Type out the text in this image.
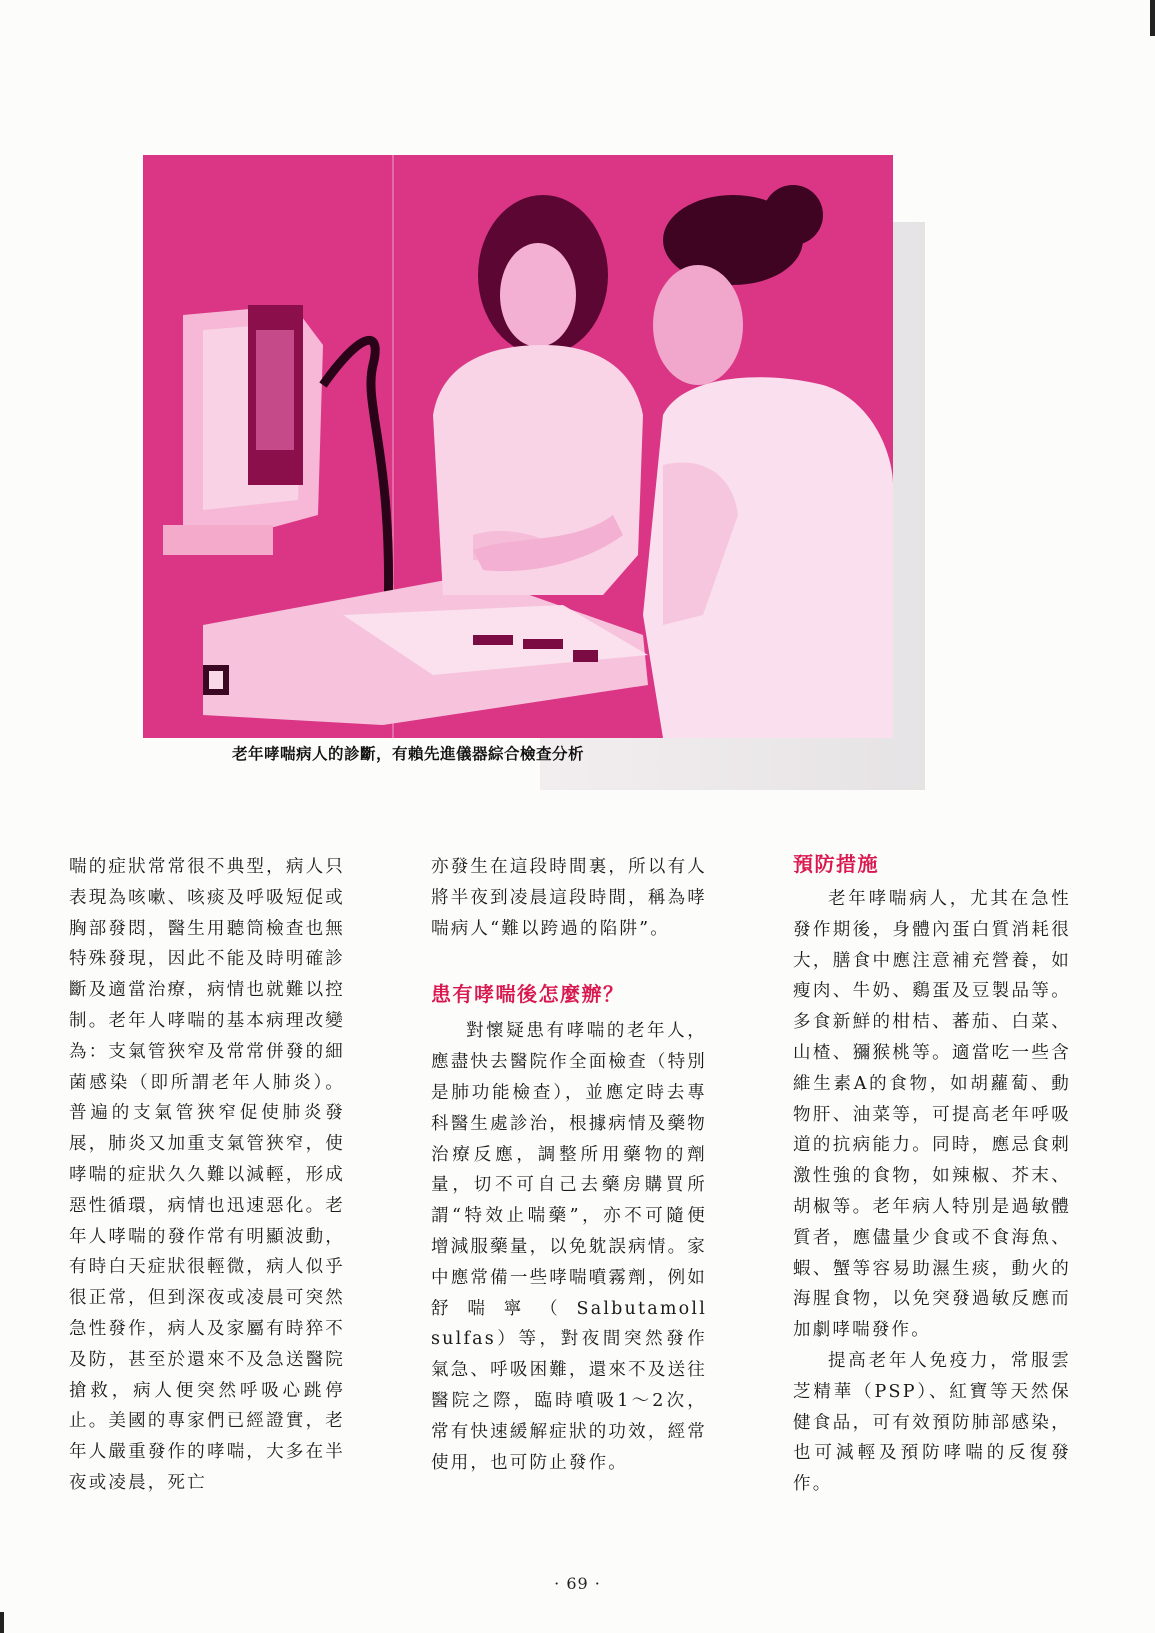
老年哮喘病人的診斷，有賴先進儀器綜合檢查分析

喘的症狀常常很不典型，病人只表現為咳嗽、咳痰及呼吸短促或胸部發悶，醫生用聽筒檢查也無特殊發現，因此不能及時明確診斷及適當治療，病情也就難以控制。老年人哮喘的基本病理改變為：支氣管狹窄及常常併發的細菌感染（即所謂老年人肺炎）。普遍的支氣管狹窄促使肺炎發展，肺炎又加重支氣管狹窄，使哮喘的症狀久久難以減輕，形成惡性循環，病情也迅速惡化。老年人哮喘的發作常有明顯波動，有時白天症狀很輕微，病人似乎很正常，但到深夜或凌晨可突然急性發作，病人及家屬有時猝不及防，甚至於還來不及急送醫院搶救，病人便突然呼吸心跳停止。美國的專家們已經證實，老年人嚴重發作的哮喘，大多在半夜或凌晨，死亡

亦發生在這段時間裏，所以有人將半夜到凌晨這段時間，稱為哮喘病人“難以跨過的陷阱”。

患有哮喘後怎麼辦？

對懷疑患有哮喘的老年人，應盡快去醫院作全面檢查（特別是肺功能檢查），並應定時去專科醫生處診治，根據病情及藥物治療反應，調整所用藥物的劑量，切不可自己去藥房購買所謂“特效止喘藥”，亦不可隨便增減服藥量，以免躭誤病情。家中應常備一些哮喘噴霧劑，例如舒喘寧（Salbutamoll sulfas）等，對夜間突然發作氣急、呼吸困難，還來不及送往醫院之際，臨時噴吸1～2次，常有快速緩解症狀的功效，經常使用，也可防止發作。

預防措施

老年哮喘病人，尤其在急性發作期後，身體內蛋白質消耗很大，膳食中應注意補充營養，如瘦肉、牛奶、鷄蛋及豆製品等。多食新鮮的柑桔、蕃茄、白菜、山楂、獼猴桃等。適當吃一些含維生素A的食物，如胡蘿蔔、動物肝、油菜等，可提高老年呼吸道的抗病能力。同時，應忌食刺激性強的食物，如辣椒、芥末、胡椒等。老年病人特別是過敏體質者，應儘量少食或不食海魚、蝦、蟹等容易助濕生痰，動火的海腥食物，以免突發過敏反應而加劇哮喘發作。

提高老年人免疫力，常服雲芝精華（PSP）、紅寶等天然保健食品，可有效預防肺部感染，也可減輕及預防哮喘的反復發作。

· 69 ·
